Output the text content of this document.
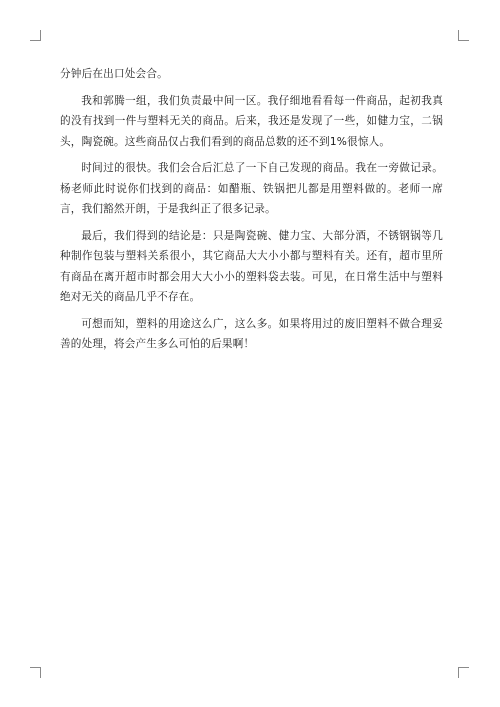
分钟后在出口处会合。

我和郭腾一组，我们负责最中间一区。我仔细地看看每一件商品，起初我真的没有找到一件与塑料无关的商品。后来，我还是发现了一些，如健力宝，二锅头，陶瓷碗。这些商品仅占我们看到的商品总数的还不到1%很惊人。

时间过的很快。我们会合后汇总了一下自己发现的商品。我在一旁做记录。杨老师此时说你们找到的商品：如醋瓶、铁锅把儿都是用塑料做的。老师一席言，我们豁然开朗，于是我纠正了很多记录。

最后，我们得到的结论是：只是陶瓷碗、健力宝、大部分酒，不锈钢锅等几种制作包装与塑料关系很小，其它商品大大小小都与塑料有关。还有，超市里所有商品在离开超市时都会用大大小小的塑料袋去装。可见，在日常生活中与塑料绝对无关的商品几乎不存在。

可想而知，塑料的用途这么广，这么多。如果将用过的废旧塑料不做合理妥善的处理，将会产生多么可怕的后果啊！
